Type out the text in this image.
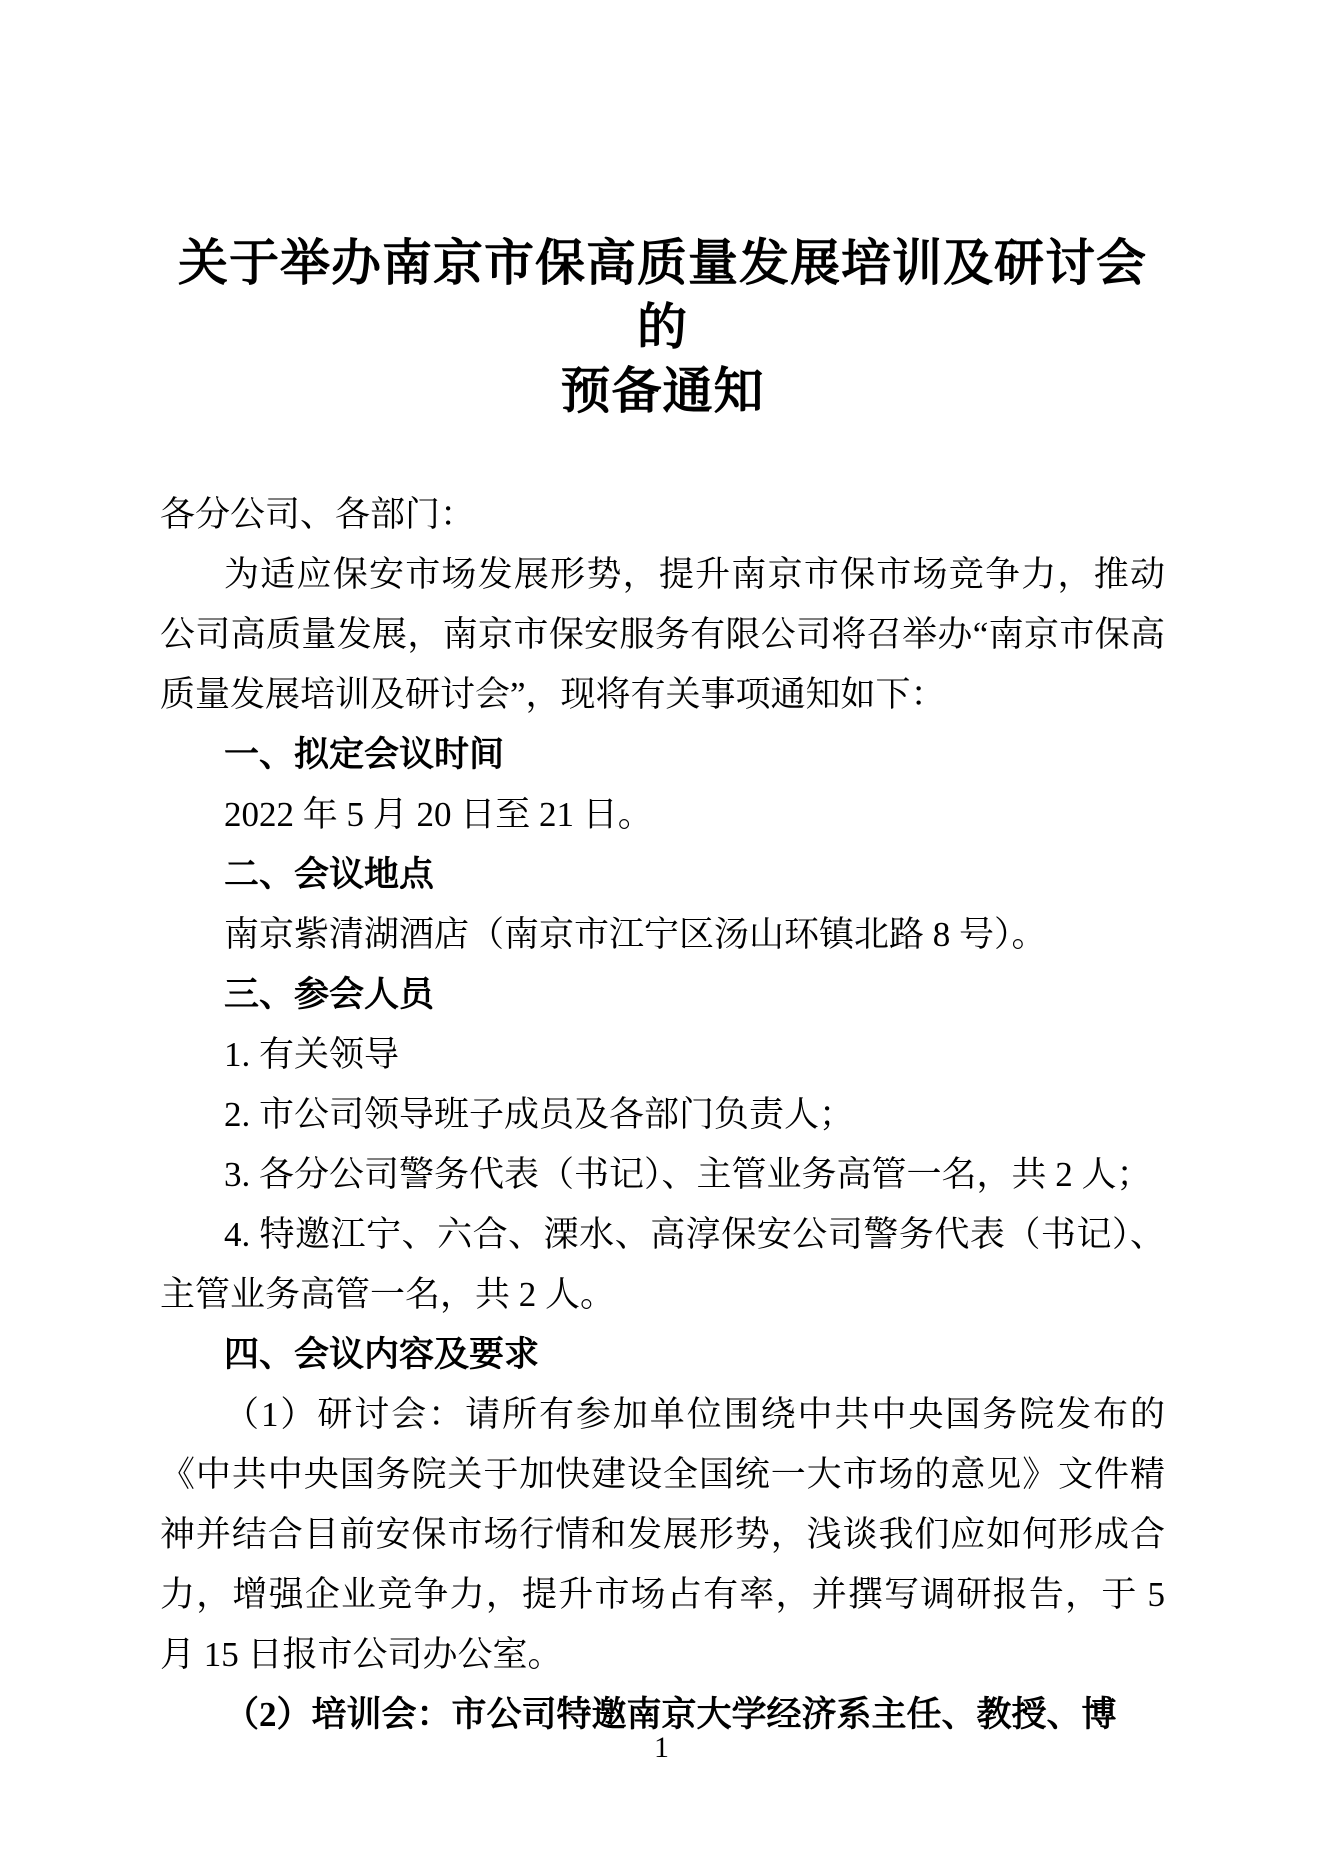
关于举办南京市保高质量发展培训及研讨会的
预备通知

各分公司、各部门：

为适应保安市场发展形势，提升南京市保市场竞争力，推动公司高质量发展，南京市保安服务有限公司将召举办“南京市保高质量发展培训及研讨会”，现将有关事项通知如下：

一、拟定会议时间

2022 年 5 月 20 日至 21 日。

二、会议地点

南京紫清湖酒店（南京市江宁区汤山环镇北路 8 号）。

三、参会人员

1. 有关领导

2. 市公司领导班子成员及各部门负责人；

3. 各分公司警务代表（书记）、主管业务高管一名，共 2 人；

4. 特邀江宁、六合、溧水、高淳保安公司警务代表（书记）、主管业务高管一名，共 2 人。

四、会议内容及要求

（1）研讨会：请所有参加单位围绕中共中央国务院发布的《中共中央国务院关于加快建设全国统一大市场的意见》文件精神并结合目前安保市场行情和发展形势，浅谈我们应如何形成合力，增强企业竞争力，提升市场占有率，并撰写调研报告，于 5 月 15 日报市公司办公室。

（2）培训会：市公司特邀南京大学经济系主任、教授、博

1
